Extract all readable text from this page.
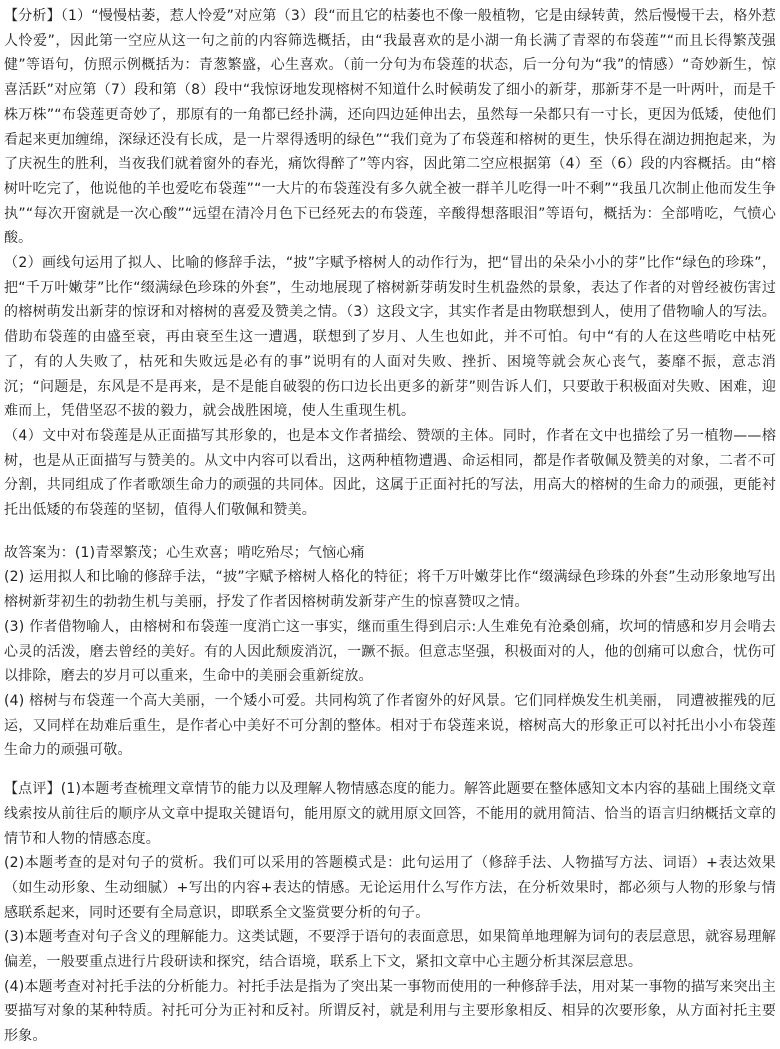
【分析】（1）“慢慢枯萎，惹人怜爱”对应第（3）段“而且它的枯萎也不像一般植物，它是由绿转黄，然后慢慢干去，格外惹人怜爱”，因此第一空应从这一句之前的内容筛选概括，由“我最喜欢的是小湖一角长满了青翠的布袋莲”“而且长得繁茂强健”等语句，仿照示例概括为：青葱繁盛，心生喜欢。（前一分句为布袋莲的状态，后一分句为“我”的情感）“奇妙新生，惊喜活跃”对应第（7）段和第（8）段中“我惊讶地发现榕树不知道什么时候萌发了细小的新芽，那新芽不是一叶两叶，而是千株万株”“布袋莲更奇妙了，那原有的一角都已经扑满，还向四边延伸出去，虽然每一朵都只有一寸长，更因为低矮，使他们看起来更加缠绵，深绿还没有长成，是一片翠得透明的绿色”“我们竟为了布袋莲和榕树的更生，快乐得在湖边拥抱起来，为了庆祝生的胜利，当夜我们就着窗外的春光，痛饮得醉了”等内容，因此第二空应根据第（4）至（6）段的内容概括。由“榕树叶吃完了，他说他的羊也爱吃布袋莲”“一大片的布袋莲没有多久就全被一群羊儿吃得一叶不剩”“我虽几次制止他而发生争执”“每次开窗就是一次心酸”“远望在清冷月色下已经死去的布袋莲，辛酸得想落眼泪”等语句，概括为：全部啃吃，气愤心酸。

（2）画线句运用了拟人、比喻的修辞手法，“披”字赋予榕树人的动作行为，把“冒出的朵朵小小的芽”比作“绿色的珍珠”，把“千万叶嫩芽”比作“缀满绿色珍珠的外套”，生动地展现了榕树新芽萌发时生机盎然的景象，表达了作者的对曾经被伤害过的榕树萌发出新芽的惊讶和对榕树的喜爱及赞美之情。（3）这段文字，其实作者是由物联想到人，使用了借物喻人的写法。借助布袋莲的由盛至衰，再由衰至生这一遭遇，联想到了岁月、人生也如此，并不可怕。句中“有的人在这些啃吃中枯死了，有的人失败了，枯死和失败远是必有的事”说明有的人面对失败、挫折、困境等就会灰心丧气，萎靡不振，意志消沉；“问题是，东风是不是再来，是不是能自破裂的伤口边长出更多的新芽”则告诉人们，只要敢于积极面对失败、困难，迎难而上，凭借坚忍不拔的毅力，就会战胜困境，使人生重现生机。

（4）文中对布袋莲是从正面描写其形象的，也是本文作者描绘、赞颂的主体。同时，作者在文中也描绘了另一植物——榕树，也是从正面描写与赞美的。从文中内容可以看出，这两种植物遭遇、命运相同，都是作者敬佩及赞美的对象，二者不可分割，共同组成了作者歌颂生命力的顽强的共同体。因此，这属于正面衬托的写法，用高大的榕树的生命力的顽强，更能衬托出低矮的布袋莲的坚韧，值得人们敬佩和赞美。

故答案为：(1)青翠繁茂；心生欢喜；啃吃殆尽；气恼心痛

(2) 运用拟人和比喻的修辞手法，“披”字赋予榕树人格化的特征；将千万叶嫩芽比作“缀满绿色珍珠的外套”生动形象地写出榕树新芽初生的勃勃生机与美丽，抒发了作者因榕树萌发新芽产生的惊喜赞叹之情。

(3) 作者借物喻人，由榕树和布袋莲一度消亡这一事实，继而重生得到启示:人生难免有沧桑创痛，坎坷的情感和岁月会啃去心灵的活泼，磨去曾经的美好。有的人因此颓废消沉，一蹶不振。但意志坚强，积极面对的人，他的创痛可以愈合，忧伤可以排除，磨去的岁月可以重来，生命中的美丽会重新绽放。

(4) 榕树与布袋莲一个高大美丽，一个矮小可爱。共同构筑了作者窗外的好风景。它们同样焕发生机美丽， 同遭被摧残的厄运，又同样在劫难后重生，是作者心中美好不可分割的整体。相对于布袋莲来说，榕树高大的形象正可以衬托出小小布袋莲生命力的顽强可敬。

【点评】(1)本题考查梳理文章情节的能力以及理解人物情感态度的能力。解答此题要在整体感知文本内容的基础上围绕文章线索按从前往后的顺序从文章中提取关键语句，能用原文的就用原文回答，不能用的就用简洁、恰当的语言归纳概括文章的情节和人物的情感态度。

(2)本题考查的是对句子的赏析。我们可以采用的答题模式是：此句运用了（修辞手法、人物描写方法、词语）+表达效果（如生动形象、生动细腻）+写出的内容+表达的情感。无论运用什么写作方法，在分析效果时，都必须与人物的形象与情感联系起来，同时还要有全局意识，即联系全文鉴赏要分析的句子。

(3)本题考查对句子含义的理解能力。这类试题，不要浮于语句的表面意思，如果简单地理解为词句的表层意思，就容易理解偏差，一般要重点进行片段研读和探究，结合语境，联系上下文，紧扣文章中心主题分析其深层意思。

(4)本题考查对衬托手法的分析能力。衬托手法是指为了突出某一事物而使用的一种修辞手法，用对某一事物的描写来突出主要描写对象的某种特质。衬托可分为正衬和反衬。所谓反衬，就是利用与主要形象相反、相异的次要形象，从方面衬托主要形象。
